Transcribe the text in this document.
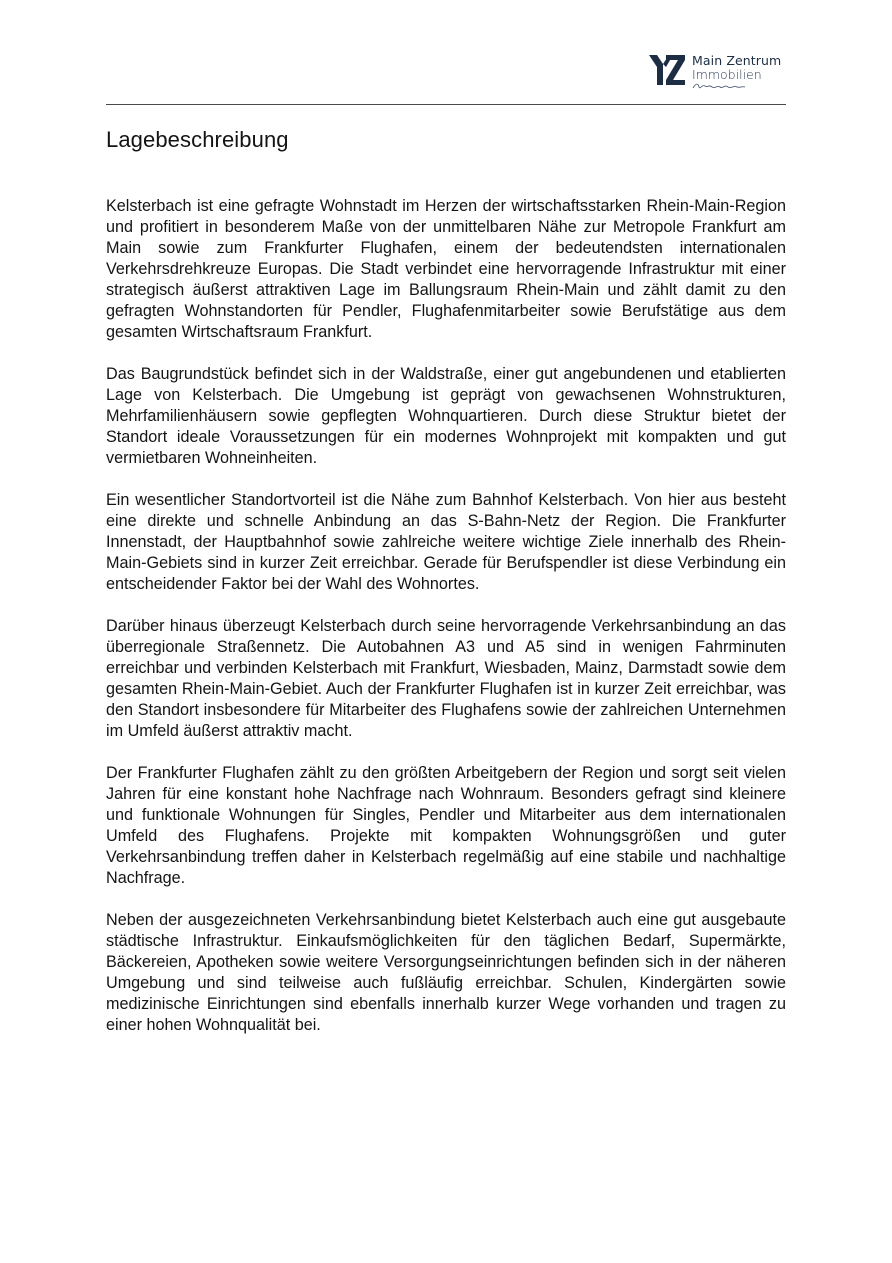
Main Zentrum
Immobilien
Lagebeschreibung

Kelsterbach ist eine gefragte Wohnstadt im Herzen der wirtschaftsstarken Rhein-Main-Region und profitiert in besonderem Maße von der unmittelbaren Nähe zur Metropole Frankfurt am Main sowie zum Frankfurter Flughafen, einem der bedeutendsten internationalen Verkehrsdrehkreuze Europas. Die Stadt verbindet eine hervorragende Infrastruktur mit einer strategisch äußerst attraktiven Lage im Ballungsraum Rhein-Main und zählt damit zu den gefragten Wohnstandorten für Pendler, Flughafenmitarbeiter sowie Berufstätige aus dem gesamten Wirtschaftsraum Frankfurt.

Das Baugrundstück befindet sich in der Waldstraße, einer gut angebundenen und etablierten Lage von Kelsterbach. Die Umgebung ist geprägt von gewachsenen Wohnstrukturen, Mehrfamilienhäusern sowie gepflegten Wohnquartieren. Durch diese Struktur bietet der Standort ideale Voraussetzungen für ein modernes Wohnprojekt mit kompakten und gut vermietbaren Wohneinheiten.

Ein wesentlicher Standortvorteil ist die Nähe zum Bahnhof Kelsterbach. Von hier aus besteht eine direkte und schnelle Anbindung an das S-Bahn-Netz der Region. Die Frankfurter Innenstadt, der Hauptbahnhof sowie zahlreiche weitere wichtige Ziele innerhalb des Rhein-Main-Gebiets sind in kurzer Zeit erreichbar. Gerade für Berufspendler ist diese Verbindung ein entscheidender Faktor bei der Wahl des Wohnortes.

Darüber hinaus überzeugt Kelsterbach durch seine hervorragende Verkehrsanbindung an das überregionale Straßennetz. Die Autobahnen A3 und A5 sind in wenigen Fahrminuten erreichbar und verbinden Kelsterbach mit Frankfurt, Wiesbaden, Mainz, Darmstadt sowie dem gesamten Rhein-Main-Gebiet. Auch der Frankfurter Flughafen ist in kurzer Zeit erreichbar, was den Standort insbesondere für Mitarbeiter des Flughafens sowie der zahlreichen Unternehmen im Umfeld äußerst attraktiv macht.

Der Frankfurter Flughafen zählt zu den größten Arbeitgebern der Region und sorgt seit vielen Jahren für eine konstant hohe Nachfrage nach Wohnraum. Besonders gefragt sind kleinere und funktionale Wohnungen für Singles, Pendler und Mitarbeiter aus dem internationalen Umfeld des Flughafens. Projekte mit kompakten Wohnungsgrößen und guter Verkehrsanbindung treffen daher in Kelsterbach regelmäßig auf eine stabile und nachhaltige Nachfrage.

Neben der ausgezeichneten Verkehrsanbindung bietet Kelsterbach auch eine gut ausgebaute städtische Infrastruktur. Einkaufsmöglichkeiten für den täglichen Bedarf, Supermärkte, Bäckereien, Apotheken sowie weitere Versorgungseinrichtungen befinden sich in der näheren Umgebung und sind teilweise auch fußläufig erreichbar. Schulen, Kindergärten sowie medizinische Einrichtungen sind ebenfalls innerhalb kurzer Wege vorhanden und tragen zu einer hohen Wohnqualität bei.
